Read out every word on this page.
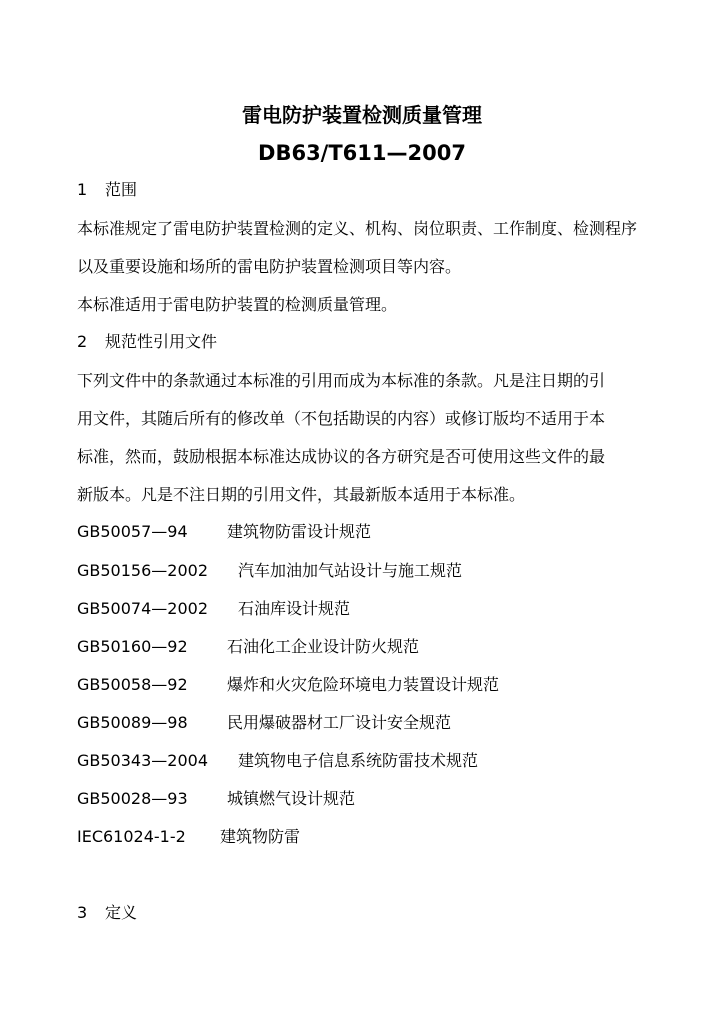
雷电防护装置检测质量管理
DB63/T611—2007
1 范围
本标准规定了雷电防护装置检测的定义、机构、岗位职责、工作制度、检测程序
以及重要设施和场所的雷电防护装置检测项目等内容。
本标准适用于雷电防护装置的检测质量管理。
2 规范性引用文件
下列文件中的条款通过本标准的引用而成为本标准的条款。凡是注日期的引
用文件，其随后所有的修改单（不包括勘误的内容）或修订版均不适用于本
标准，然而，鼓励根据本标准达成协议的各方研究是否可使用这些文件的最
新版本。凡是不注日期的引用文件，其最新版本适用于本标准。
GB50057—94 建筑物防雷设计规范
GB50156—2002 汽车加油加气站设计与施工规范
GB50074—2002 石油库设计规范
GB50160—92 石油化工企业设计防火规范
GB50058—92 爆炸和火灾危险环境电力装置设计规范
GB50089—98 民用爆破器材工厂设计安全规范
GB50343—2004 建筑物电子信息系统防雷技术规范
GB50028—93 城镇燃气设计规范
IEC61024-1-2 建筑物防雷
3 定义
